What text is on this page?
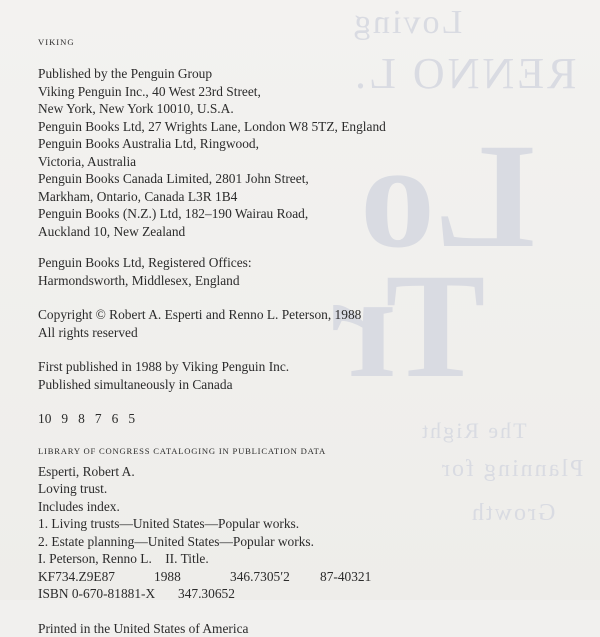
Loving
RENNO L.
Lo
Tr
The Right
Planning for
Growth
VIKING
Published by the Penguin Group
Viking Penguin Inc., 40 West 23rd Street,
New York, New York 10010, U.S.A.
Penguin Books Ltd, 27 Wrights Lane, London W8 5TZ, England
Penguin Books Australia Ltd, Ringwood,
Victoria, Australia
Penguin Books Canada Limited, 2801 John Street,
Markham, Ontario, Canada L3R 1B4
Penguin Books (N.Z.) Ltd, 182–190 Wairau Road,
Auckland 10, New Zealand
Penguin Books Ltd, Registered Offices:
Harmondsworth, Middlesex, England
Copyright © Robert A. Esperti and Renno L. Peterson, 1988
All rights reserved
First published in 1988 by Viking Penguin Inc.
Published simultaneously in Canada
10   9   8   7   6   5
LIBRARY OF CONGRESS CATALOGING IN PUBLICATION DATA
Esperti, Robert A.
Loving trust.
Includes index.
1. Living trusts—United States—Popular works.
2. Estate planning—United States—Popular works.
I. Peterson, Renno L.    II. Title.
KF734.Z9E87	1988	346.7305′2 87-40321
ISBN 0-670-81881-X 347.30652
Printed in the United States of America
